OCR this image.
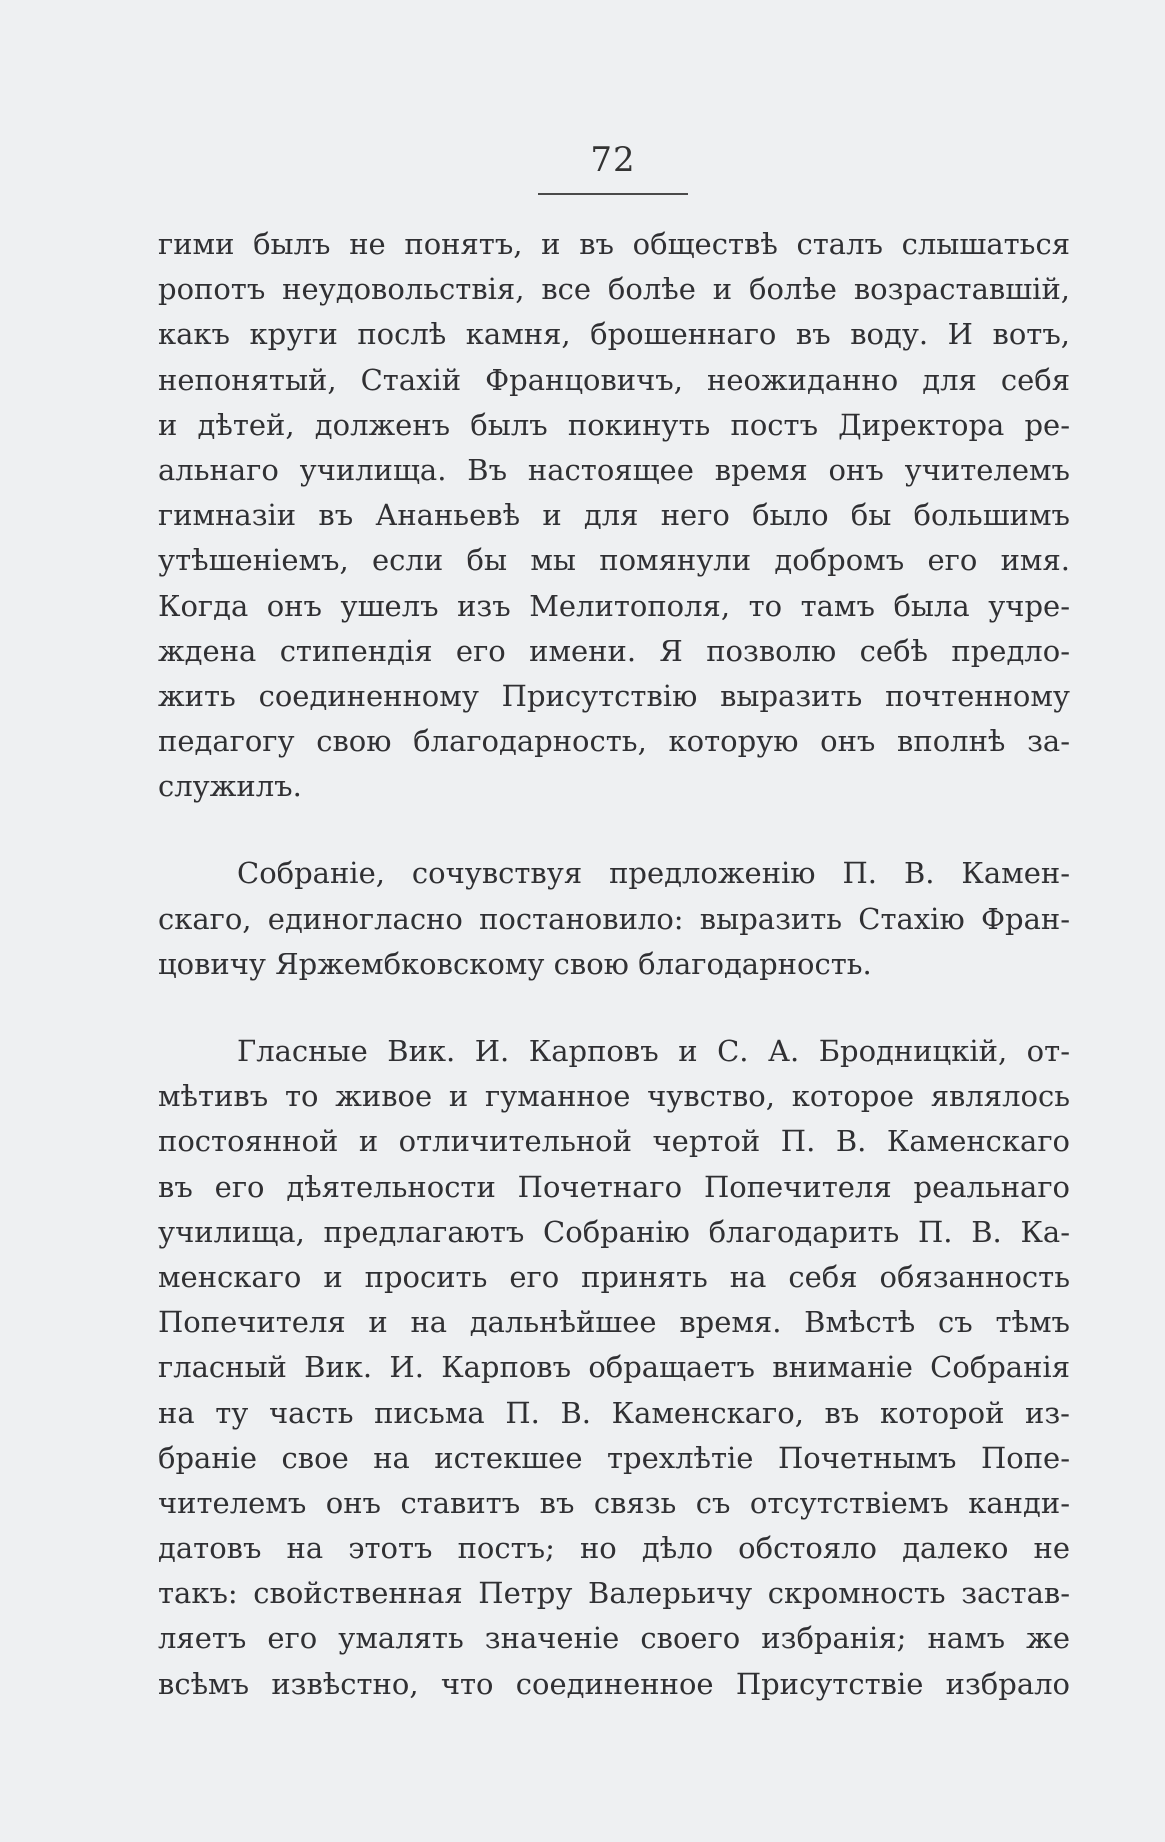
72
гими былъ не понятъ, и въ обществѣ сталъ слышаться
ропотъ неудовольствія, все болѣе и болѣе возраставшій,
какъ круги послѣ камня, брошеннаго въ воду. И вотъ,
непонятый, Стахій Францовичъ, неожиданно для себя
и дѣтей, долженъ былъ покинуть постъ Директора ре-
альнаго училища. Въ настоящее время онъ учителемъ
гимназіи въ Ананьевѣ и для него было бы большимъ
утѣшеніемъ, если бы мы помянули добромъ его имя.
Когда онъ ушелъ изъ Мелитополя, то тамъ была учре-
ждена стипендія его имени. Я позволю себѣ предло-
жить соединенному Присутствію выразить почтенному
педагогу свою благодарность, которую онъ вполнѣ за-
служилъ.
Собраніе, сочувствуя предложенію П. В. Камен-
скаго, единогласно постановило: выразить Стахію Фран-
цовичу Яржембковскому свою благодарность.
Гласные Вик. И. Карповъ и С. А. Бродницкій, от-
мѣтивъ то живое и гуманное чувство, которое являлось
постоянной и отличительной чертой П. В. Каменскаго
въ его дѣятельности Почетнаго Попечителя реальнаго
училища, предлагаютъ Собранію благодарить П. В. Ка-
менскаго и просить его принять на себя обязанность
Попечителя и на дальнѣйшее время. Вмѣстѣ съ тѣмъ
гласный Вик. И. Карповъ обращаетъ вниманіе Собранія
на ту часть письма П. В. Каменскаго, въ которой из-
браніе свое на истекшее трехлѣтіе Почетнымъ Попе-
чителемъ онъ ставитъ въ связь съ отсутствіемъ канди-
датовъ на этотъ постъ; но дѣло обстояло далеко не
такъ: свойственная Петру Валерьичу скромность застав-
ляетъ его умалять значеніе своего избранія; намъ же
всѣмъ извѣстно, что соединенное Присутствіе избрало
